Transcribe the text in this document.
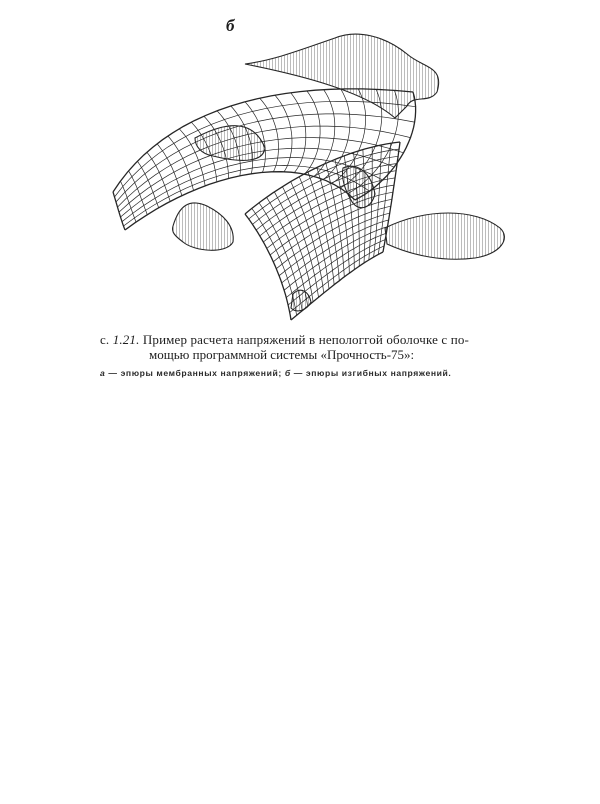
б
с. 1.21. Пример расчета напряжений в непологгой оболочке с по-
мощью программной системы «Прочность-75»:
а — эпюры мембранных напряжений; б — эпюры изгибных напряжений.
